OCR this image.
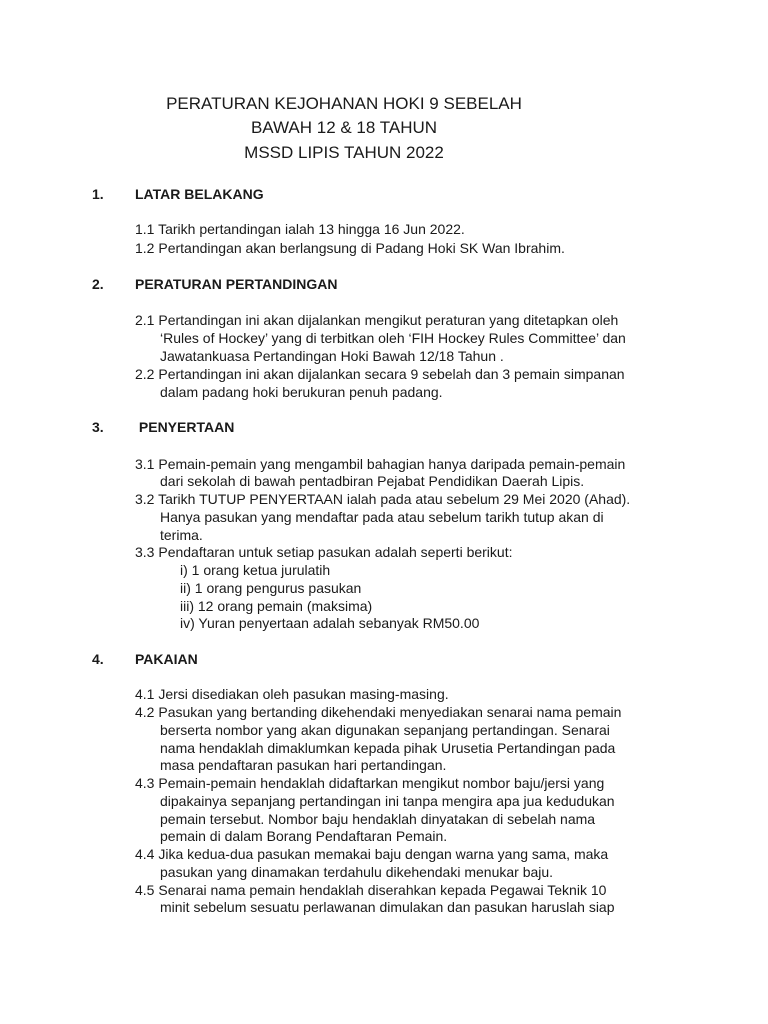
PERATURAN KEJOHANAN HOKI 9 SEBELAH
BAWAH 12 & 18 TAHUN
MSSD LIPIS TAHUN 2022
1. LATAR BELAKANG
1.1 Tarikh pertandingan ialah 13 hingga 16 Jun 2022.
1.2 Pertandingan akan berlangsung di Padang Hoki SK Wan Ibrahim.
2. PERATURAN PERTANDINGAN
2.1 Pertandingan ini akan dijalankan mengikut peraturan yang ditetapkan oleh
‘Rules of Hockey’ yang di terbitkan oleh ‘FIH Hockey Rules Committee’ dan
Jawatankuasa Pertandingan Hoki Bawah 12/18 Tahun .
2.2 Pertandingan ini akan dijalankan secara 9 sebelah dan 3 pemain simpanan
dalam padang hoki berukuran penuh padang.
3. PENYERTAAN
3.1 Pemain-pemain yang mengambil bahagian hanya daripada pemain-pemain
dari sekolah di bawah pentadbiran Pejabat Pendidikan Daerah Lipis.
3.2 Tarikh TUTUP PENYERTAAN ialah pada atau sebelum 29 Mei 2020 (Ahad).
Hanya pasukan yang mendaftar pada atau sebelum tarikh tutup akan di
terima.
3.3 Pendaftaran untuk setiap pasukan adalah seperti berikut:
i) 1 orang ketua jurulatih
ii) 1 orang pengurus pasukan
iii) 12 orang pemain (maksima)
iv) Yuran penyertaan adalah sebanyak RM50.00
4. PAKAIAN
4.1 Jersi disediakan oleh pasukan masing-masing.
4.2 Pasukan yang bertanding dikehendaki menyediakan senarai nama pemain
berserta nombor yang akan digunakan sepanjang pertandingan. Senarai
nama hendaklah dimaklumkan kepada pihak Urusetia Pertandingan pada
masa pendaftaran pasukan hari pertandingan.
4.3 Pemain-pemain hendaklah didaftarkan mengikut nombor baju/jersi yang
dipakainya sepanjang pertandingan ini tanpa mengira apa jua kedudukan
pemain tersebut. Nombor baju hendaklah dinyatakan di sebelah nama
pemain di dalam Borang Pendaftaran Pemain.
4.4 Jika kedua-dua pasukan memakai baju dengan warna yang sama, maka
pasukan yang dinamakan terdahulu dikehendaki menukar baju.
4.5 Senarai nama pemain hendaklah diserahkan kepada Pegawai Teknik 10
minit sebelum sesuatu perlawanan dimulakan dan pasukan haruslah siap
